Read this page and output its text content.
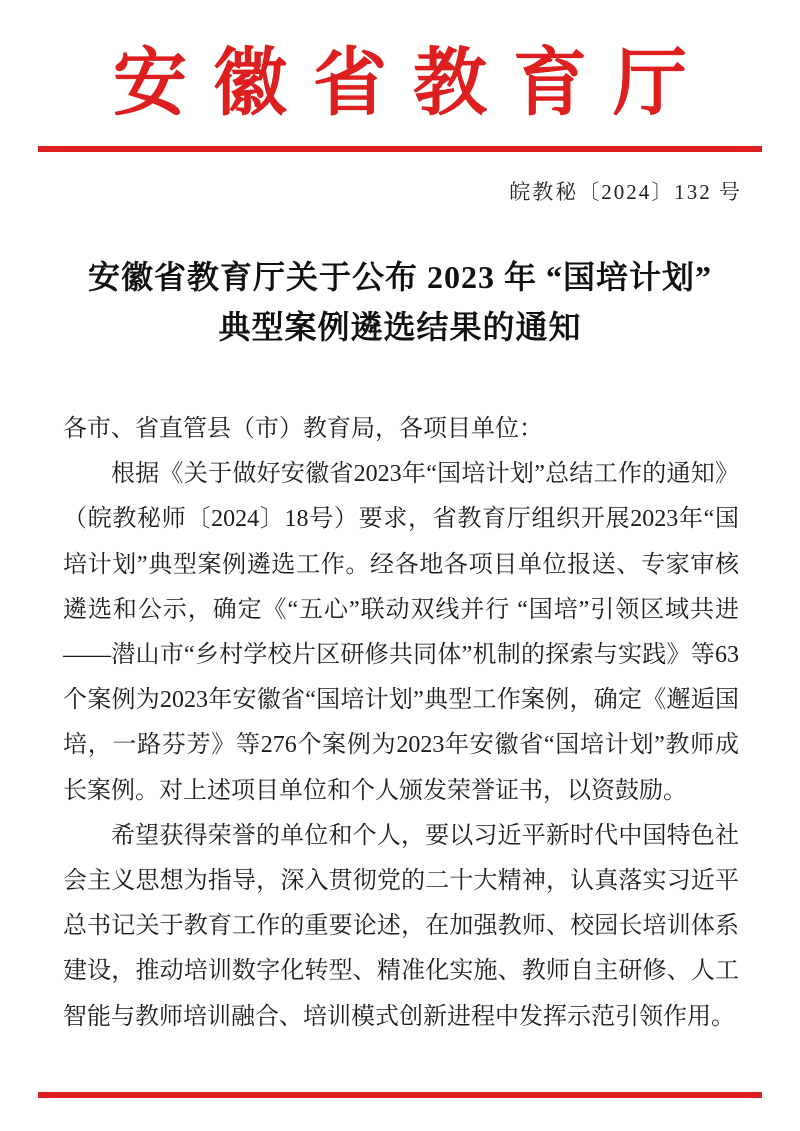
安徽省教育厅
皖教秘〔2024〕132 号
安徽省教育厅关于公布 2023 年 “国培计划”
典型案例遴选结果的通知

各市、省直管县（市）教育局，各项目单位：

根据《关于做好安徽省2023年“国培计划”总结工作的通知》（皖教秘师〔2024〕18号）要求，省教育厅组织开展2023年“国培计划”典型案例遴选工作。经各地各项目单位报送、专家审核遴选和公示，确定《“五心”联动双线并行 “国培”引领区域共进——潜山市“乡村学校片区研修共同体”机制的探索与实践》等63个案例为2023年安徽省“国培计划”典型工作案例，确定《邂逅国培，一路芬芳》等276个案例为2023年安徽省“国培计划”教师成长案例。对上述项目单位和个人颁发荣誉证书，以资鼓励。

希望获得荣誉的单位和个人，要以习近平新时代中国特色社会主义思想为指导，深入贯彻党的二十大精神，认真落实习近平总书记关于教育工作的重要论述，在加强教师、校园长培训体系建设，推动培训数字化转型、精准化实施、教师自主研修、人工智能与教师培训融合、培训模式创新进程中发挥示范引领作用。
